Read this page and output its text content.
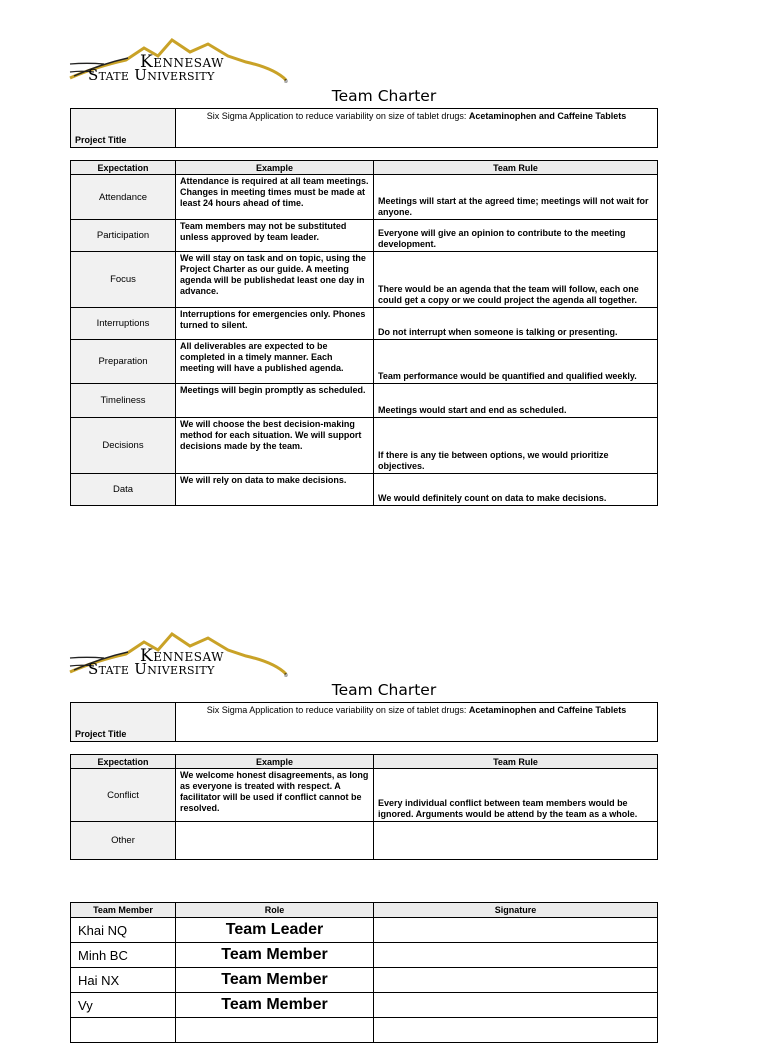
Kennesaw
State University	®
Team Charter
Project Title	Six Sigma Application to reduce variability on size of tablet drugs: Acetaminophen and Caffeine Tablets
Expectation	Example	Team Rule
Attendance	Attendance is required at all team meetings. Changes in meeting times must be made at least 24 hours ahead of time.	Meetings will start at the agreed time; meetings will not wait for anyone.
Participation	Team members may not be substituted unless approved by team leader.	Everyone will give an opinion to contribute to the meeting development.
Focus	We will stay on task and on topic, using the Project Charter as our guide. A meeting agenda will be publishedat least one day in advance.	There would be an agenda that the team will follow, each one could get a copy or we could project the agenda all together.
Interruptions	Interruptions for emergencies only. Phones turned to silent.	Do not interrupt when someone is talking or presenting.
Preparation	All deliverables are expected to be completed in a timely manner. Each meeting will have a published agenda.	Team performance would be quantified and qualified weekly.
Timeliness	Meetings will begin promptly as scheduled.	Meetings would start and end as scheduled.
Decisions	We will choose the best decision-making method for each situation. We will support decisions made by the team.	If there is any tie between options, we would prioritize objectives.
Data	We will rely on data to make decisions.	We would definitely count on data to make decisions.
Kennesaw
State University	®
Team Charter
Project Title	Six Sigma Application to reduce variability on size of tablet drugs: Acetaminophen and Caffeine Tablets
Expectation	Example	Team Rule
Conflict	We welcome honest disagreements, as long as everyone is treated with respect. A facilitator will be used if conflict cannot be resolved.	Every individual conflict between team members would be ignored. Arguments would be attend by the team as a whole.
Other		
Team Member	Role	Signature
Khai NQ	Team Leader	
Minh BC	Team Member	
Hai NX	Team Member	
Vy	Team Member	
